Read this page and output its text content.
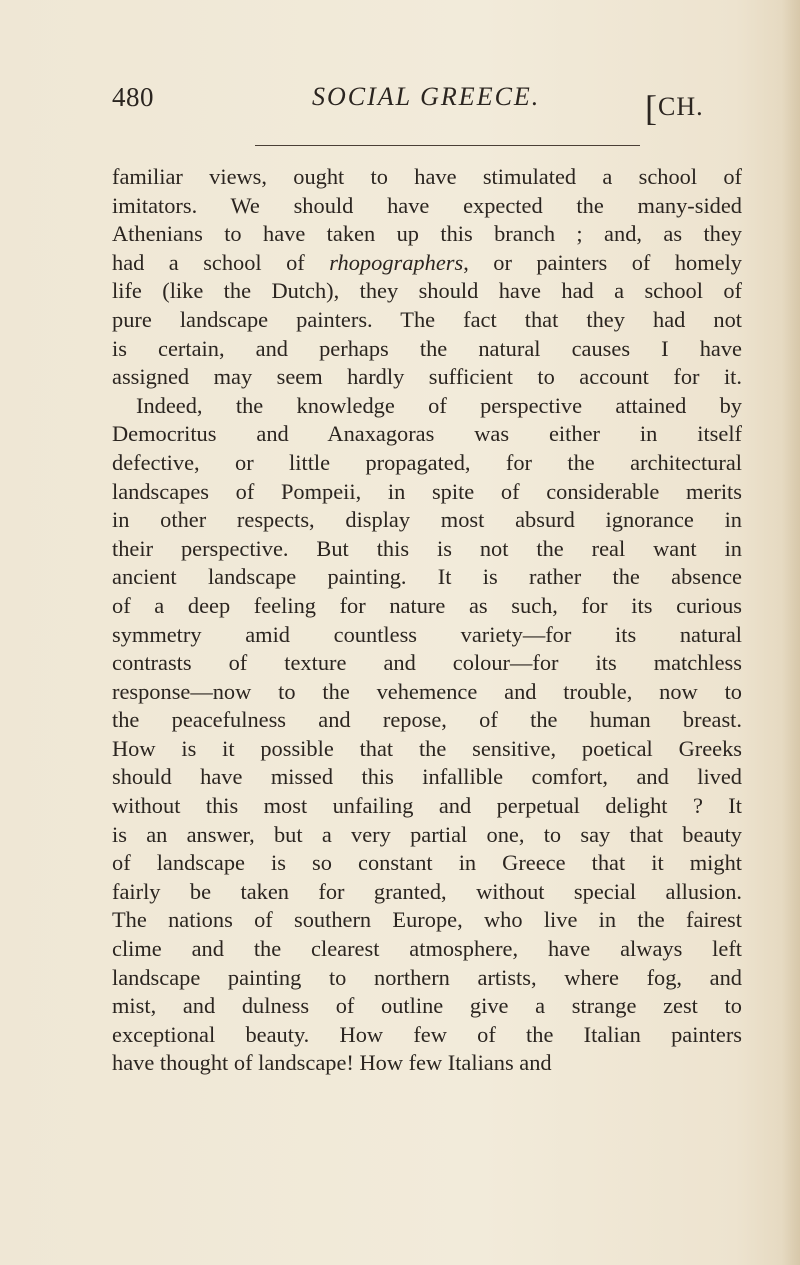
480	SOCIAL GREECE.	[CH.
familiar views, ought to have stimulated a school of
imitators. We should have expected the many-sided
Athenians to have taken up this branch ; and, as they
had a school of rhopographers, or painters of homely
life (like the Dutch), they should have had a school of
pure landscape painters. The fact that they had not
is certain, and perhaps the natural causes I have
assigned may seem hardly sufficient to account for it.
Indeed, the knowledge of perspective attained by
Democritus and Anaxagoras was either in itself
defective, or little propagated, for the architectural
landscapes of Pompeii, in spite of considerable merits
in other respects, display most absurd ignorance in
their perspective. But this is not the real want in
ancient landscape painting. It is rather the absence
of a deep feeling for nature as such, for its curious
symmetry amid countless variety—for its natural
contrasts of texture and colour—for its matchless
response—now to the vehemence and trouble, now to
the peacefulness and repose, of the human breast.
How is it possible that the sensitive, poetical Greeks
should have missed this infallible comfort, and lived
without this most unfailing and perpetual delight ? It
is an answer, but a very partial one, to say that beauty
of landscape is so constant in Greece that it might
fairly be taken for granted, without special allusion.
The nations of southern Europe, who live in the fairest
clime and the clearest atmosphere, have always left
landscape painting to northern artists, where fog, and
mist, and dulness of outline give a strange zest to
exceptional beauty. How few of the Italian painters
have thought of landscape! How few Italians and
